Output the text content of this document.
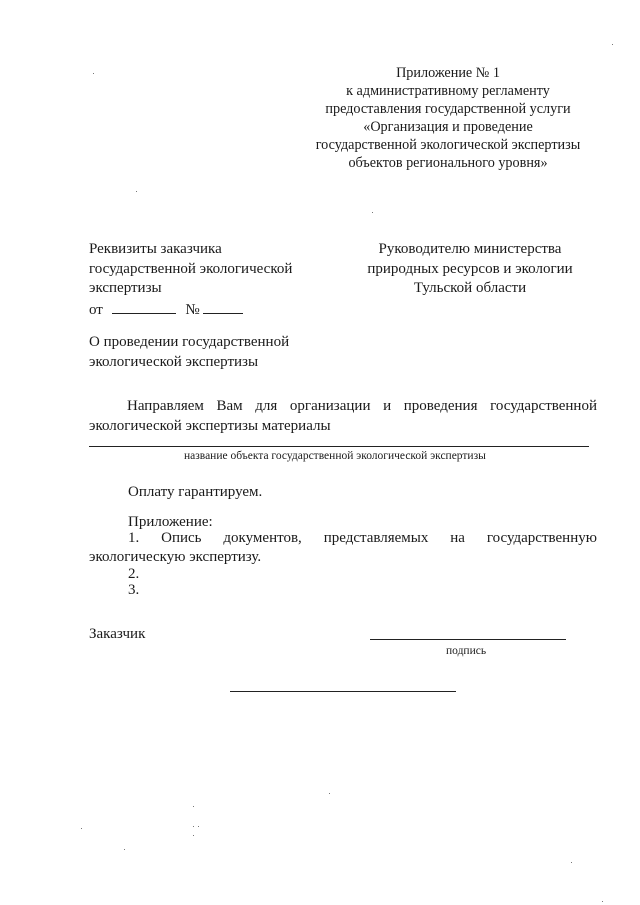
Приложение № 1
к административному регламенту
предоставления государственной услуги
«Организация и проведение
государственной экологической экспертизы
объектов регионального уровня»
Реквизиты заказчика
государственной экологической
экспертизы
Руководителю министерства
природных ресурсов и экологии
Тульской области
от	№
О проведении государственной
экологической экспертизы
Направляем Вам для организации и проведения государственной экологической экспертизы материалы
название объекта государственной экологической экспертизы
Оплату гарантируем.
Приложение:
1. Опись документов, представляемых на государственную
экологическую экспертизу.
2.
3.
Заказчик
подпись
